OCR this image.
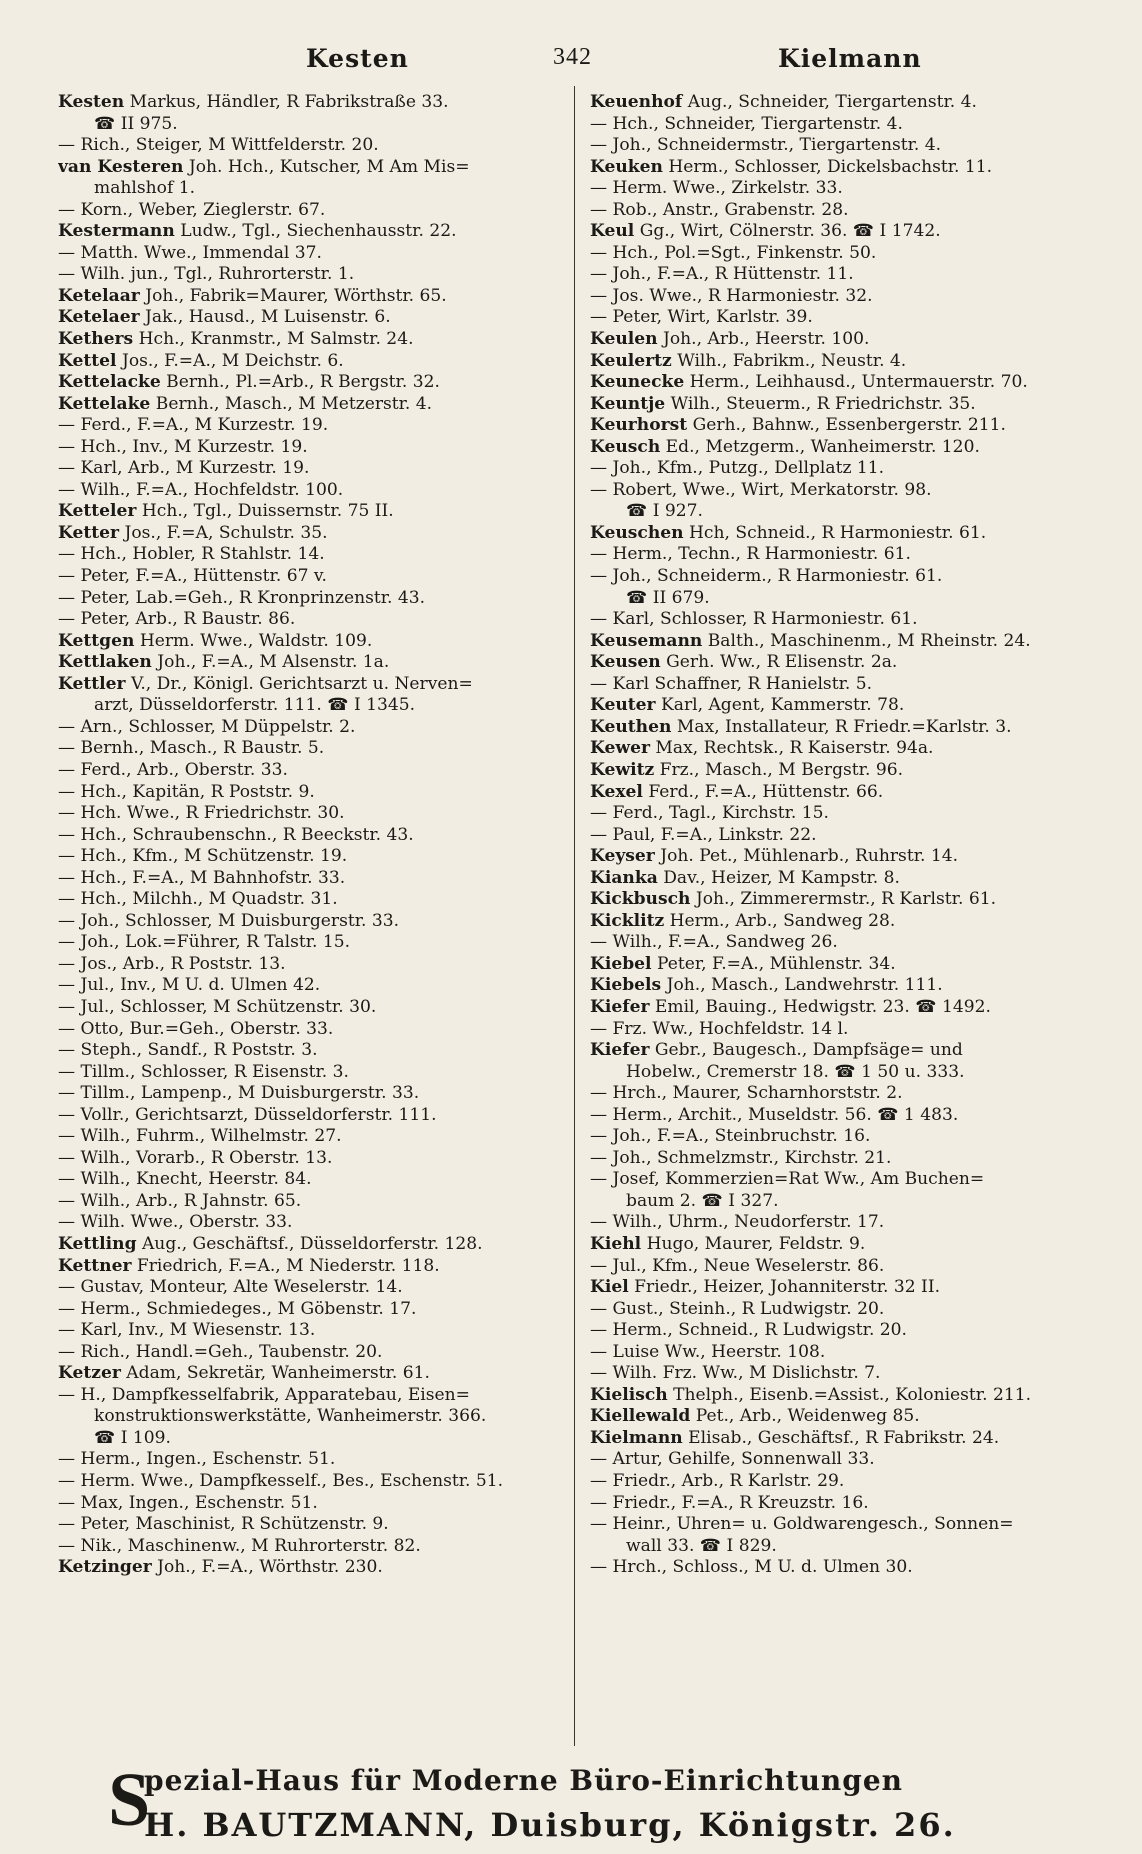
Kesten	342	Kielmann
Kesten Markus, Händler, R Fabrikstraße 33.
☎ II 975.
— Rich., Steiger, M Wittfelderstr. 20.
van Kesteren Joh. Hch., Kutscher, M Am Mis=
mahlshof 1.
— Korn., Weber, Zieglerstr. 67.
Kestermann Ludw., Tgl., Siechenhausstr. 22.
— Matth. Wwe., Immendal 37.
— Wilh. jun., Tgl., Ruhrorterstr. 1.
Ketelaar Joh., Fabrik=Maurer, Wörthstr. 65.
Ketelaer Jak., Hausd., M Luisenstr. 6.
Kethers Hch., Kranmstr., M Salmstr. 24.
Kettel Jos., F.=A., M Deichstr. 6.
Kettelacke Bernh., Pl.=Arb., R Bergstr. 32.
Kettelake Bernh., Masch., M Metzerstr. 4.
— Ferd., F.=A., M Kurzestr. 19.
— Hch., Inv., M Kurzestr. 19.
— Karl, Arb., M Kurzestr. 19.
— Wilh., F.=A., Hochfeldstr. 100.
Ketteler Hch., Tgl., Duissernstr. 75 II.
Ketter Jos., F.=A, Schulstr. 35.
— Hch., Hobler, R Stahlstr. 14.
— Peter, F.=A., Hüttenstr. 67 v.
— Peter, Lab.=Geh., R Kronprinzenstr. 43.
— Peter, Arb., R Baustr. 86.
Kettgen Herm. Wwe., Waldstr. 109.
Kettlaken Joh., F.=A., M Alsenstr. 1a.
Kettler V., Dr., Königl. Gerichtsarzt u. Nerven=
arzt, Düsseldorferstr. 111. ☎ I 1345.
— Arn., Schlosser, M Düppelstr. 2.
— Bernh., Masch., R Baustr. 5.
— Ferd., Arb., Oberstr. 33.
— Hch., Kapitän, R Poststr. 9.
— Hch. Wwe., R Friedrichstr. 30.
— Hch., Schraubenschn., R Beeckstr. 43.
— Hch., Kfm., M Schützenstr. 19.
— Hch., F.=A., M Bahnhofstr. 33.
— Hch., Milchh., M Quadstr. 31.
— Joh., Schlosser, M Duisburgerstr. 33.
— Joh., Lok.=Führer, R Talstr. 15.
— Jos., Arb., R Poststr. 13.
— Jul., Inv., M U. d. Ulmen 42.
— Jul., Schlosser, M Schützenstr. 30.
— Otto, Bur.=Geh., Oberstr. 33.
— Steph., Sandf., R Poststr. 3.
— Tillm., Schlosser, R Eisenstr. 3.
— Tillm., Lampenp., M Duisburgerstr. 33.
— Vollr., Gerichtsarzt, Düsseldorferstr. 111.
— Wilh., Fuhrm., Wilhelmstr. 27.
— Wilh., Vorarb., R Oberstr. 13.
— Wilh., Knecht, Heerstr. 84.
— Wilh., Arb., R Jahnstr. 65.
— Wilh. Wwe., Oberstr. 33.
Kettling Aug., Geschäftsf., Düsseldorferstr. 128.
Kettner Friedrich, F.=A., M Niederstr. 118.
— Gustav, Monteur, Alte Weselerstr. 14.
— Herm., Schmiedeges., M Göbenstr. 17.
— Karl, Inv., M Wiesenstr. 13.
— Rich., Handl.=Geh., Taubenstr. 20.
Ketzer Adam, Sekretär, Wanheimerstr. 61.
— H., Dampfkesselfabrik, Apparatebau, Eisen=
konstruktionswerkstätte, Wanheimerstr. 366.
☎ I 109.
— Herm., Ingen., Eschenstr. 51.
— Herm. Wwe., Dampfkesself., Bes., Eschenstr. 51.
— Max, Ingen., Eschenstr. 51.
— Peter, Maschinist, R Schützenstr. 9.
— Nik., Maschinenw., M Ruhrorterstr. 82.
Ketzinger Joh., F.=A., Wörthstr. 230.
Keuenhof Aug., Schneider, Tiergartenstr. 4.
— Hch., Schneider, Tiergartenstr. 4.
— Joh., Schneidermstr., Tiergartenstr. 4.
Keuken Herm., Schlosser, Dickelsbachstr. 11.
— Herm. Wwe., Zirkelstr. 33.
— Rob., Anstr., Grabenstr. 28.
Keul Gg., Wirt, Cölnerstr. 36. ☎ I 1742.
— Hch., Pol.=Sgt., Finkenstr. 50.
— Joh., F.=A., R Hüttenstr. 11.
— Jos. Wwe., R Harmoniestr. 32.
— Peter, Wirt, Karlstr. 39.
Keulen Joh., Arb., Heerstr. 100.
Keulertz Wilh., Fabrikm., Neustr. 4.
Keunecke Herm., Leihhausd., Untermauerstr. 70.
Keuntje Wilh., Steuerm., R Friedrichstr. 35.
Keurhorst Gerh., Bahnw., Essenbergerstr. 211.
Keusch Ed., Metzgerm., Wanheimerstr. 120.
— Joh., Kfm., Putzg., Dellplatz 11.
— Robert, Wwe., Wirt, Merkatorstr. 98.
☎ I 927.
Keuschen Hch, Schneid., R Harmoniestr. 61.
— Herm., Techn., R Harmoniestr. 61.
— Joh., Schneiderm., R Harmoniestr. 61.
☎ II 679.
— Karl, Schlosser, R Harmoniestr. 61.
Keusemann Balth., Maschinenm., M Rheinstr. 24.
Keusen Gerh. Ww., R Elisenstr. 2a.
— Karl Schaffner, R Hanielstr. 5.
Keuter Karl, Agent, Kammerstr. 78.
Keuthen Max, Installateur, R Friedr.=Karlstr. 3.
Kewer Max, Rechtsk., R Kaiserstr. 94a.
Kewitz Frz., Masch., M Bergstr. 96.
Kexel Ferd., F.=A., Hüttenstr. 66.
— Ferd., Tagl., Kirchstr. 15.
— Paul, F.=A., Linkstr. 22.
Keyser Joh. Pet., Mühlenarb., Ruhrstr. 14.
Kianka Dav., Heizer, M Kampstr. 8.
Kickbusch Joh., Zimmerermstr., R Karlstr. 61.
Kicklitz Herm., Arb., Sandweg 28.
— Wilh., F.=A., Sandweg 26.
Kiebel Peter, F.=A., Mühlenstr. 34.
Kiebels Joh., Masch., Landwehrstr. 111.
Kiefer Emil, Bauing., Hedwigstr. 23. ☎ 1492.
— Frz. Ww., Hochfeldstr. 14 l.
Kiefer Gebr., Baugesch., Dampfsäge= und
Hobelw., Cremerstr 18. ☎ 1 50 u. 333.
— Hrch., Maurer, Scharnhorststr. 2.
— Herm., Archit., Museldstr. 56. ☎ 1 483.
— Joh., F.=A., Steinbruchstr. 16.
— Joh., Schmelzmstr., Kirchstr. 21.
— Josef, Kommerzien=Rat Ww., Am Buchen=
baum 2. ☎ I 327.
— Wilh., Uhrm., Neudorferstr. 17.
Kiehl Hugo, Maurer, Feldstr. 9.
— Jul., Kfm., Neue Weselerstr. 86.
Kiel Friedr., Heizer, Johanniterstr. 32 II.
— Gust., Steinh., R Ludwigstr. 20.
— Herm., Schneid., R Ludwigstr. 20.
— Luise Ww., Heerstr. 108.
— Wilh. Frz. Ww., M Dislichstr. 7.
Kielisch Thelph., Eisenb.=Assist., Koloniestr. 211.
Kiellewald Pet., Arb., Weidenweg 85.
Kielmann Elisab., Geschäftsf., R Fabrikstr. 24.
— Artur, Gehilfe, Sonnenwall 33.
— Friedr., Arb., R Karlstr. 29.
— Friedr., F.=A., R Kreuzstr. 16.
— Heinr., Uhren= u. Goldwarengesch., Sonnen=
wall 33. ☎ I 829.
— Hrch., Schloss., M U. d. Ulmen 30.
S
pezial-Haus für Moderne Büro-Einrichtungen
H. BAUTZMANN, Duisburg, Königstr. 26.
